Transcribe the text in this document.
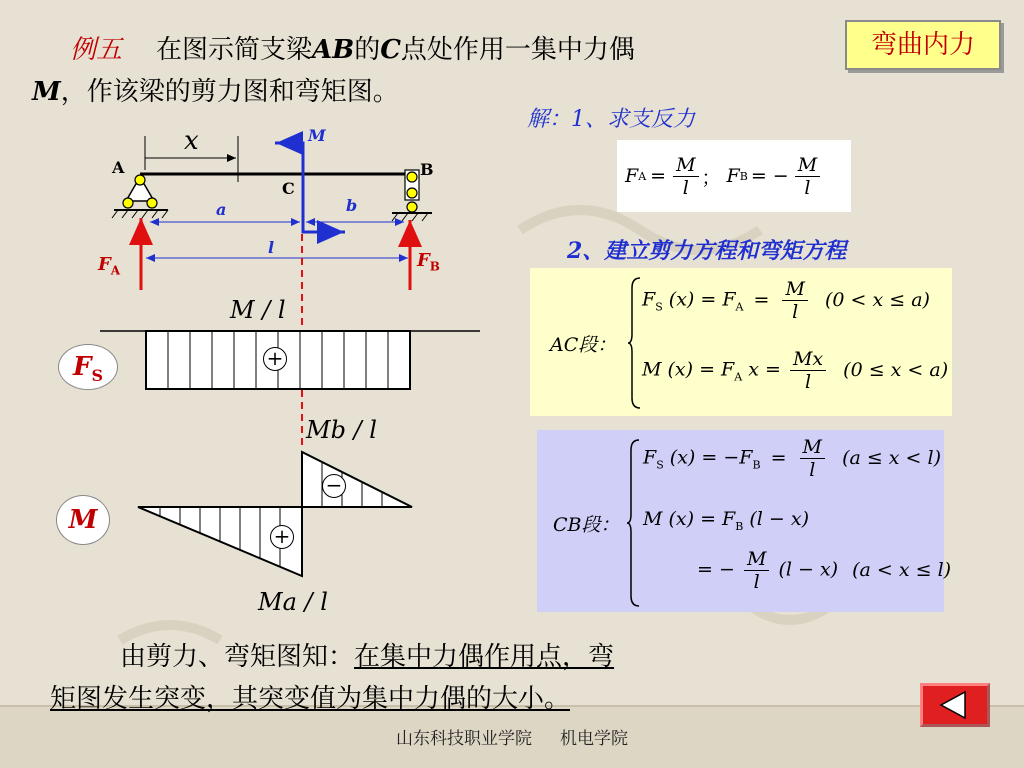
弯曲内力
例五 在图示简支梁AB的C点处作用一集中力偶

M，作该梁的剪力图和弯矩图。
解：1、求支反力
2、建立剪力方程和弯矩方程
F $A = \frac{M}{l}$ ； F B = − $\frac{M}{l}$
AC段：
$F_S$ $(x) = F_A = \frac{M}{l} (0 < x \le a)$
M $(x) = F_A$ $x = \frac{Mx}{l} (0 \le x < a)$
CB段：
$F_S$ $(x) = -F_B = \frac{M}{l} (a \le x < l)$
M $(x) = F_B$ (l − x)
= − $\frac{M}{l} (l - x) (a < x \le l)$
x	M
A	B
C
a	b
l
$F_A$	$F_B$
M / l
+
$F_S$
Mb / l
Ma / l
−
+
M
由剪力、弯矩图知：在集中力偶作用点，弯
矩图发生突变，其突变值为集中力偶的大小。
山东科技职业学院 机电学院
